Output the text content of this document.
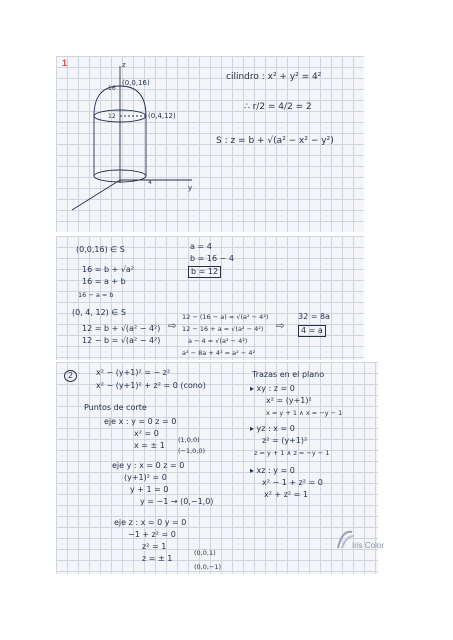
1	z
y
(0,0,16)
(0,4,12)
16
12
4
cilindro : x² + y² = 4²
∴ r/2 = 4/2 = 2
S : z = b + √(a² − x² − y²)
(0,0,16) ∈ S
16 = b + √a²
16 = a + b
16 − a = b
(0, 4, 12) ∈ S
12 = b + √(a² − 4²)
12 − b = √(a² − 4²)
a = 4
b = 16 − 4
b = 12
⇨
12 − (16 − a) = √(a² − 4²)
12 − 16 + a = √(a² − 4²)
a − 4 = √(a² − 4²)
a² − 8a + 4² = a² − 4²
⇨
32 = 8a
4 = a
2	x² − (y+1)² = − z²
x² − (y+1)² + z² = 0 (cono)
Puntos de corte
eje x : y = 0 z = 0
x² = 0
x = ± 1
(1,0,0)
(−1,0,0)
eje y : x = 0 z = 0
(y+1)² = 0
y + 1 = 0
y = −1 → (0,−1,0)
eje z : x = 0 y = 0
−1 + z² = 0
z² = 1
z = ± 1
(0,0,1)
(0,0,−1)
Trazas en el plano
▸ xy : z = 0
x² = (y+1)²
x = y + 1 ∧ x = −y − 1
▸ yz : x = 0
z² = (y+1)²
z = y + 1 ∧ z = −y − 1
▸ xz : y = 0
x² − 1 + z² = 0
x² + z² = 1
Iris Color
